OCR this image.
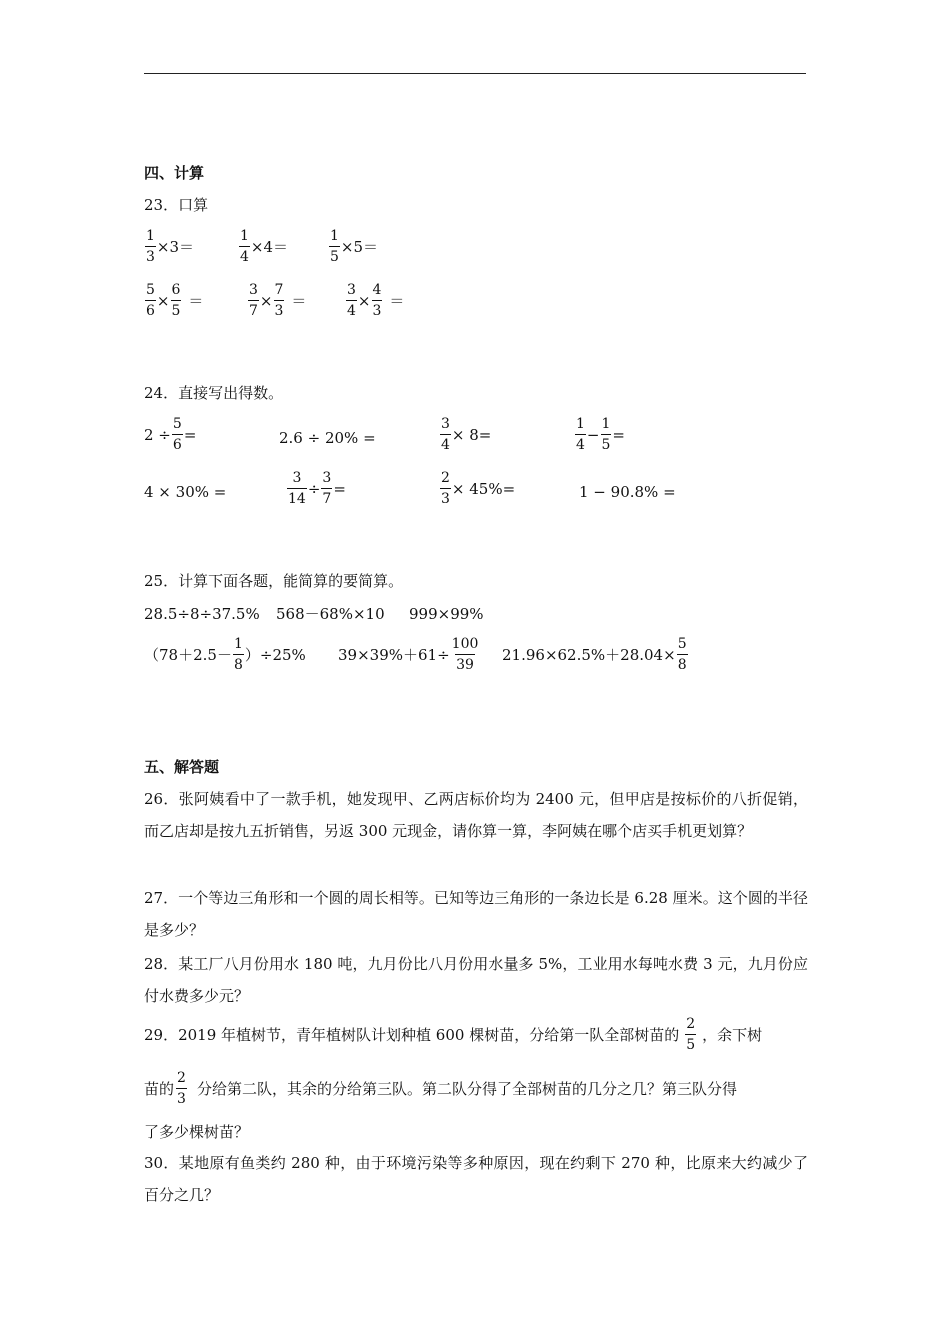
四、计算
23．口算
$\frac{1}{3} \times 3=$	$\frac{1}{4} \times 4=$	$\frac{1}{5} \times 5=$
$\frac{5}{6} \times \frac{6}{5}$ ＝	$\frac{3}{7} \times \frac{7}{3}$ ＝	$\frac{3}{4} \times \frac{4}{3}$ ＝
24．直接写出得数。
$2 \div \frac{5}{6}$ =	2.6 ÷ 20% =	$\frac{3}{4} \times 8=$	$\frac{1}{4} - \frac{1}{5}$ =
4 × 30% =	$\frac{3}{14} \div \frac{3}{7}$ =	$\frac{2}{3} \times 45\%=$	1 − 90.8% =
25．计算下面各题，能简算的要简算。
28.5÷8÷37.5% 568－68%×10 999×99%
$(78+2.5- \frac{1}{8} )\div 25\%$ $39\times 39\%+61\div \frac{100}{39} 21.96\times 62.5\%+28.04\times \frac{5}{8}$
五、解答题
26．张阿姨看中了一款手机，她发现甲、乙两店标价均为 2400 元，但甲店是按标价的八折促销，而乙店却是按九五折销售，另返 300 元现金，请你算一算，李阿姨在哪个店买手机更划算？
27．一个等边三角形和一个圆的周长相等。已知等边三角形的一条边长是 6.28 厘米。这个圆的半径是多少？
28．某工厂八月份用水 180 吨，九月份比八月份用水量多 5%，工业用水每吨水费 3 元，九月份应付水费多少元？
29．2019 年植树节，青年植树队计划种植 600 棵树苗，分给第一队全部树苗的 $\frac{2}{5}$ ，余下树
苗的 $\frac{2}{3}$ 分给第二队，其余的分给第三队。第二队分得了全部树苗的几分之几？第三队分得
了多少棵树苗？
30．某地原有鱼类约 280 种，由于环境污染等多种原因，现在约剩下 270 种，比原来大约减少了百分之几？
